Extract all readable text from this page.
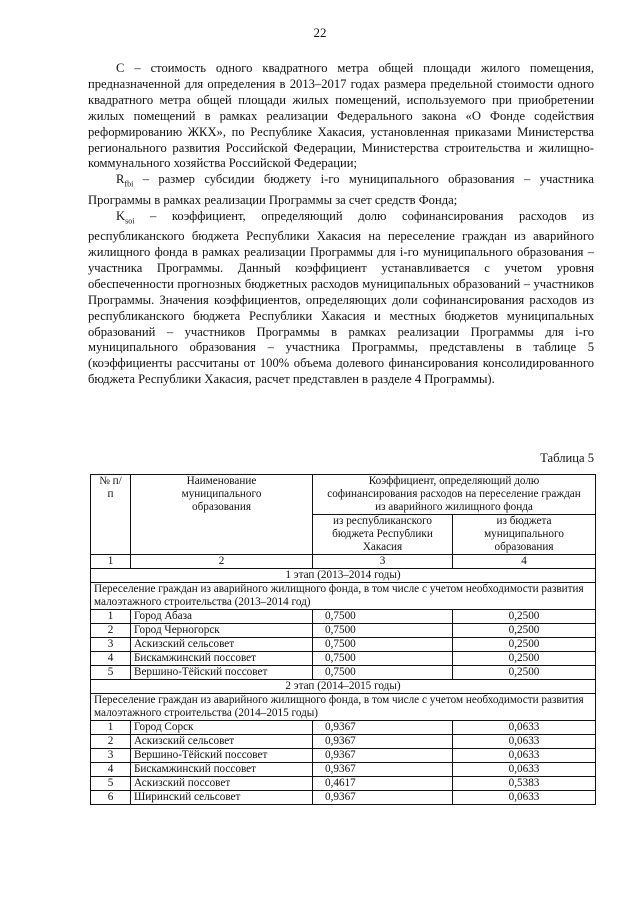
22

С – стоимость одного квадратного метра общей площади жилого помещения, предназначенной для определения в 2013–2017 годах размера предельной стоимости одного квадратного метра общей площади жилых помещений, используемого при приобретении жилых помещений в рамках реализации Федерального закона «О Фонде содействия реформированию ЖКХ», по Республике Хакасия, установленная приказами Министерства регионального развития Российской Федерации, Министерства строительства и жилищно-коммунального хозяйства Российской Федерации;

$R_{fbi}$ – размер субсидии бюджету i-го муниципального образования – участника Программы в рамках реализации Программы за счет средств Фонда;

$K_{soi}$ – коэффициент, определяющий долю софинансирования расходов из республиканского бюджета Республики Хакасия на переселение граждан из аварийного жилищного фонда в рамках реализации Программы для i-го муниципального образования – участника Программы. Данный коэффициент устанавливается с учетом уровня обеспеченности прогнозных бюджетных расходов муниципальных образований – участников Программы. Значения коэффициентов, определяющих доли софинансирования расходов из республиканского бюджета Республики Хакасия и местных бюджетов муниципальных образований – участников Программы в рамках реализации Программы для i-го муниципального образования – участника Программы, представлены в таблице 5 (коэффициенты рассчитаны от 100% объема долевого финансирования консолидированного бюджета Республики Хакасия, расчет представлен в разделе 4 Программы).

Таблица 5
№ п/п	Наименование муниципального образования	Коэффициент, определяющий долю софинансирования расходов на переселение граждан из аварийного жилищного фонда	
		из республиканского бюджета Республики Хакасия	из бюджета муниципального образования
1	2	3	4
1 этап (2013–2014 годы)			
Переселение граждан из аварийного жилищного фонда, в том числе с учетом необходимости развития малоэтажного строительства (2013–2014 год)			
1	Город Абаза	0,7500	0,2500
2	Город Черногорск	0,7500	0,2500
3	Аскизский сельсовет	0,7500	0,2500
4	Бискамжинский поссовет	0,7500	0,2500
5	Вершино-Тёйский поссовет	0,7500	0,2500
2 этап (2014–2015 годы)			
Переселение граждан из аварийного жилищного фонда, в том числе с учетом необходимости развития малоэтажного строительства (2014–2015 годы)			
1	Город Сорск	0,9367	0,0633
2	Аскизский сельсовет	0,9367	0,0633
3	Вершино-Тёйский поссовет	0,9367	0,0633
4	Бискамжинский поссовет	0,9367	0,0633
5	Аскизский поссовет	0,4617	0,5383
6	Ширинский сельсовет	0,9367	0,0633
